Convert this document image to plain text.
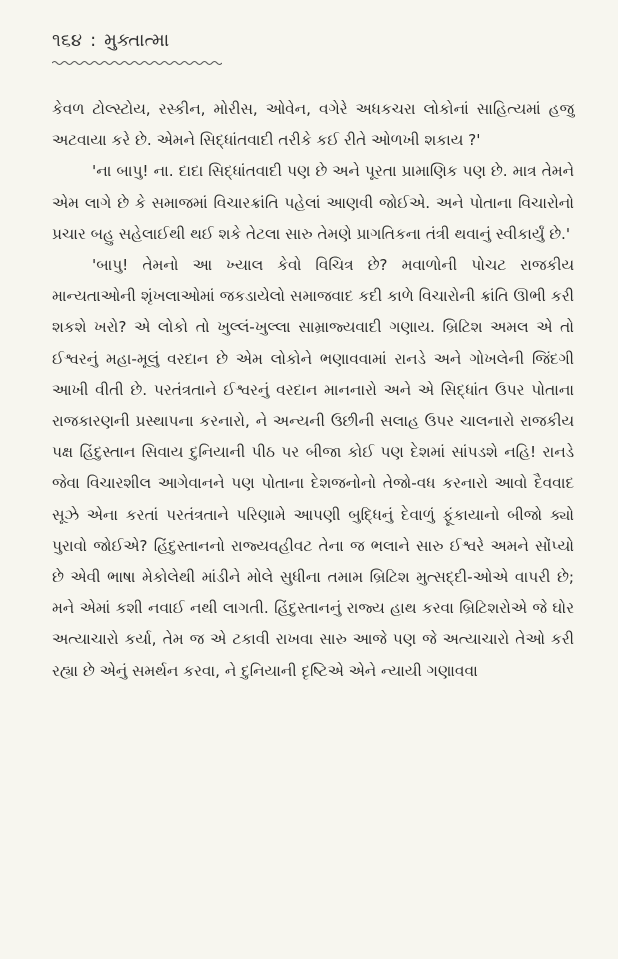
૧૬૪ : મુક્તાત્મા

કેવળ ટોલ્સ્ટોય, રસ્કીન, મોરીસ, ઓવેન, વગેરે અધકચરા લોકોનાં સાહિત્યમાં હજુ અટવાયા કરે છે. એમને સિદ્ધાંતવાદી તરીકે કઈ રીતે ઓળખી શકાય ?'

'ના બાપુ! ના. દાદા સિદ્ધાંતવાદી પણ છે અને પૂરતા પ્રામાણિક પણ છે. માત્ર તેમને એમ લાગે છે કે સમાજમાં વિચારક્રાંતિ પહેલાં આણવી જોઈએ. અને પોતાના વિચારોનો પ્રચાર બહુ સહેલાઈથી થઈ શકે તેટલા સારુ તેમણે પ્રાગતિકના તંત્રી થવાનું સ્વીકાર્યું છે.'

'બાપુ! તેમનો આ ખ્યાલ કેવો વિચિત્ર છે? મવાળોની પોચટ રાજકીય માન્યતાઓની શૃંખલાઓમાં જકડાયેલો સમાજવાદ કદી કાળે વિચારોની ક્રાંતિ ઊભી કરી શકશે ખરો? એ લોકો તો ખુલ્લં-ખુલ્લા સામ્રાજ્યવાદી ગણાય. બ્રિટિશ અમલ એ તો ઈશ્વરનું મહા-મૂલું વરદાન છે એમ લોકોને ભણાવવામાં રાનડે અને ગોખલેની જિંદગી આખી વીતી છે. પરતંત્રતાને ઈશ્વરનું વરદાન માનનારો અને એ સિદ્ધાંત ઉપર પોતાના રાજકારણની પ્રસ્થાપના કરનારો, ને અન્યની ઉછીની સલાહ ઉપર ચાલનારો રાજકીય પક્ષ હિંદુસ્તાન સિવાય દુનિયાની પીઠ પર બીજા કોઈ પણ દેશમાં સાંપડશે નહિ! રાનડે જેવા વિચારશીલ આગેવાનને પણ પોતાના દેશજનોનો તેજો-વધ કરનારો આવો દૈવવાદ સૂઝે એના કરતાં પરતંત્રતાને પરિણામે આપણી બુદ્ધિનું દેવાળું ફૂંકાયાનો બીજો ક્યો પુરાવો જોઈએ? હિંદુસ્તાનનો રાજ્યવહીવટ તેના જ ભલાને સારુ ઈશ્વરે અમને સોંપ્યો છે એવી ભાષા મેકોલેથી માંડીને મોલે સુધીના તમામ બ્રિટિશ મુત્સદ્દી-ઓએ વાપરી છે; મને એમાં કશી નવાઈ નથી લાગતી. હિંદુસ્તાનનું રાજ્ય હાથ કરવા બ્રિટિશરોએ જે ઘોર અત્યાચારો કર્યા, તેમ જ એ ટકાવી રાખવા સારુ આજે પણ જે અત્યાચારો તેઓ કરી રહ્યા છે એનું સમર્થન કરવા, ને દુનિયાની દૃષ્ટિએ એને ન્યાયી ગણાવવા
